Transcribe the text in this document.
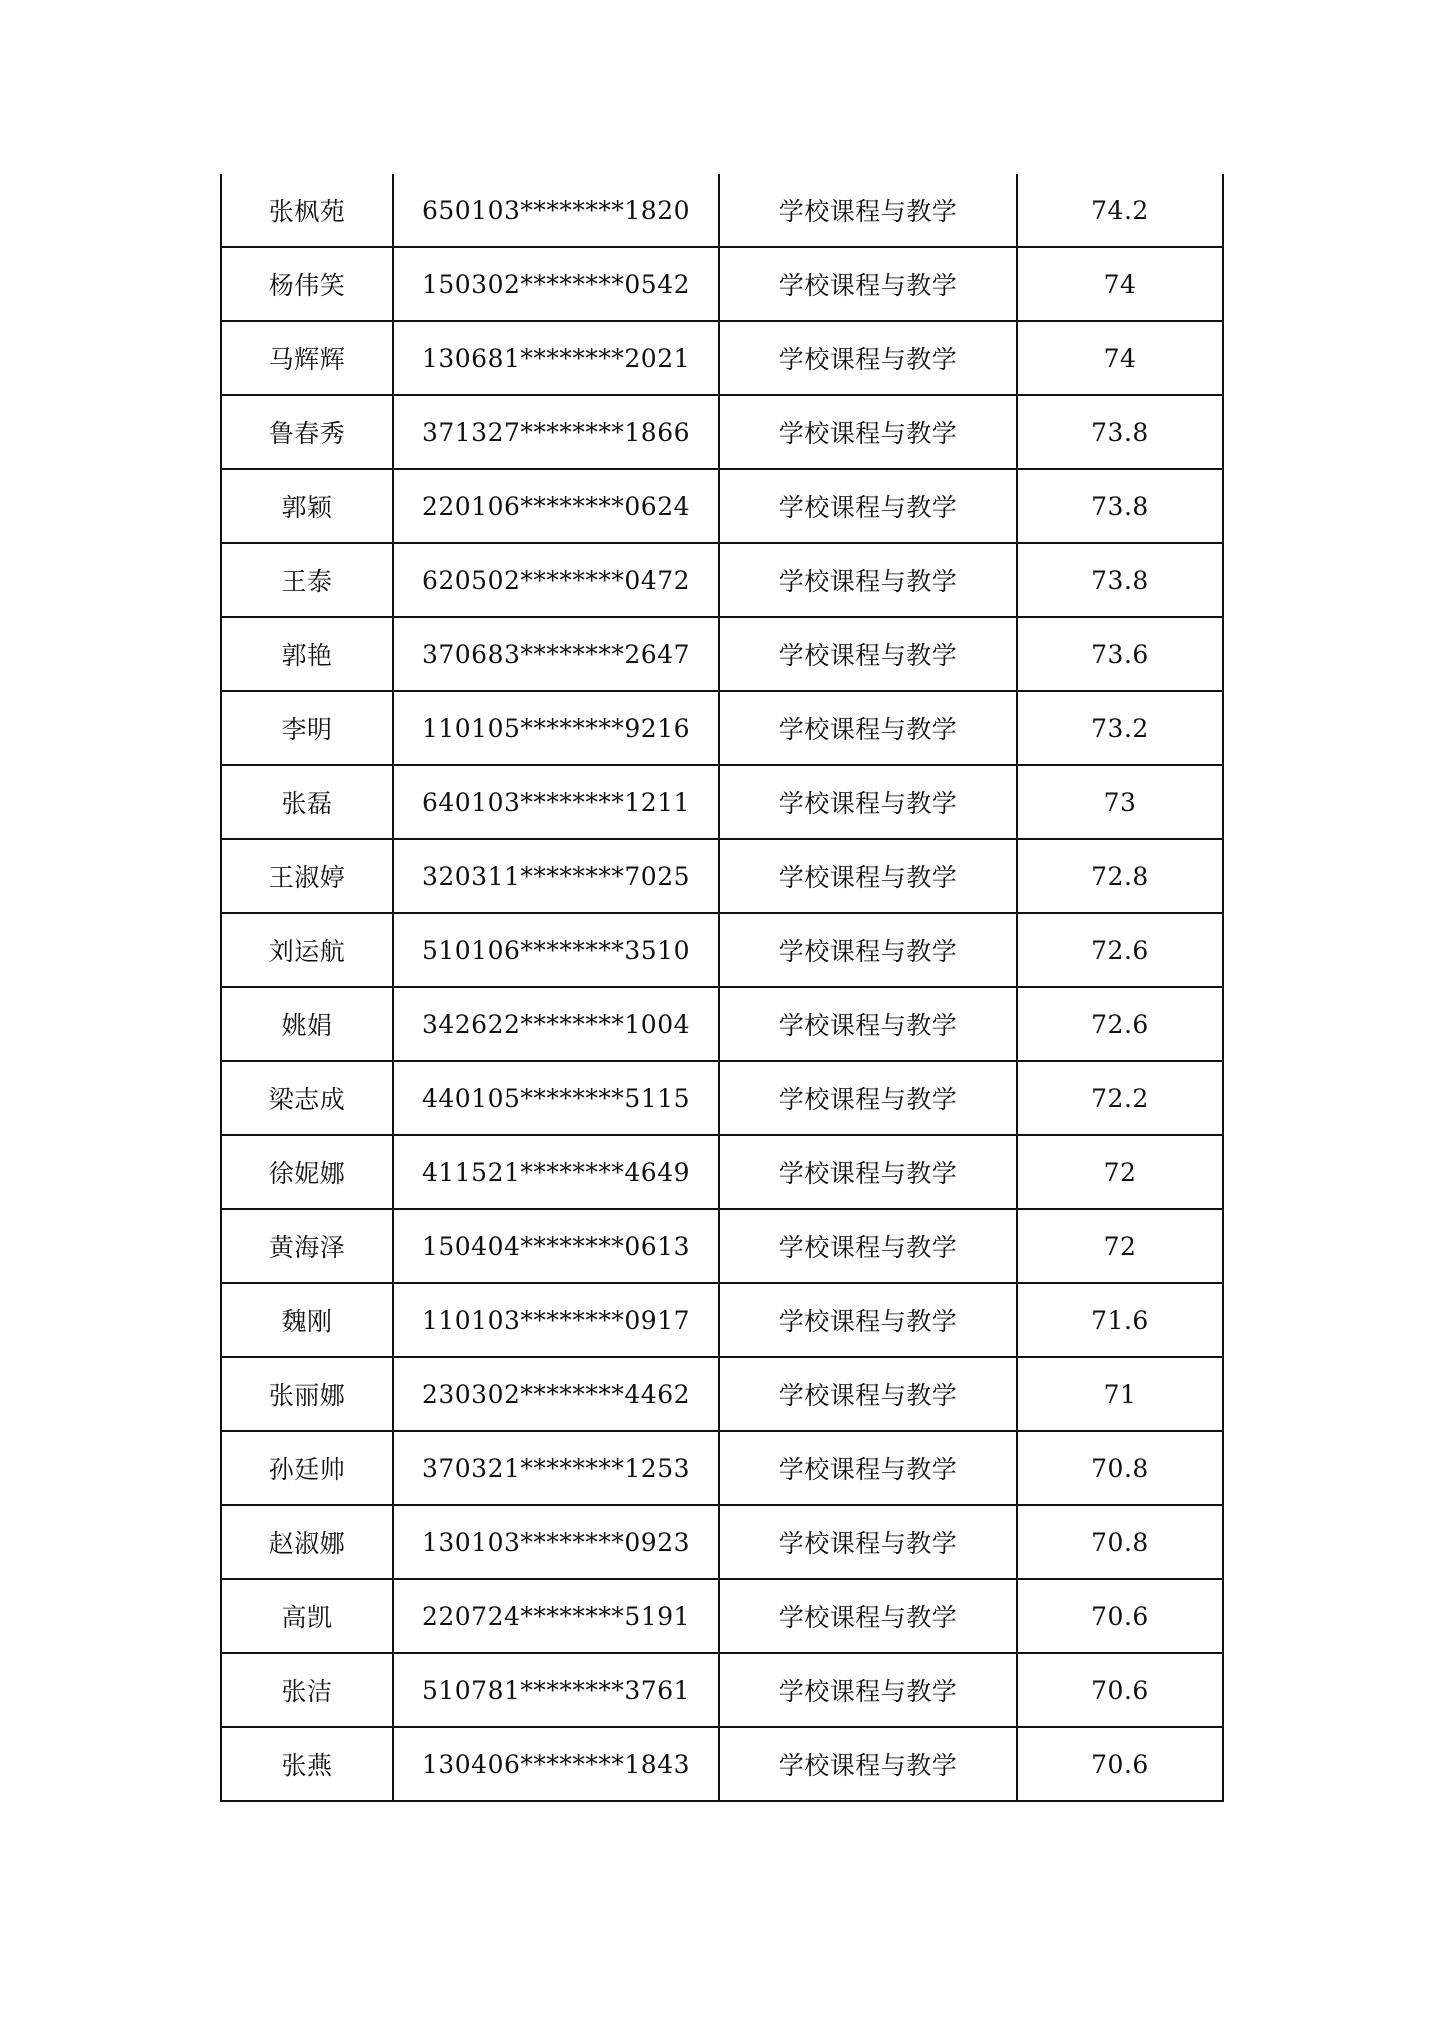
张枫苑	650103********1820	学校课程与教学	74.2
杨伟笑	150302********0542	学校课程与教学	74
马辉辉	130681********2021	学校课程与教学	74
鲁春秀	371327********1866	学校课程与教学	73.8
郭颖	220106********0624	学校课程与教学	73.8
王泰	620502********0472	学校课程与教学	73.8
郭艳	370683********2647	学校课程与教学	73.6
李明	110105********9216	学校课程与教学	73.2
张磊	640103********1211	学校课程与教学	73
王淑婷	320311********7025	学校课程与教学	72.8
刘运航	510106********3510	学校课程与教学	72.6
姚娟	342622********1004	学校课程与教学	72.6
梁志成	440105********5115	学校课程与教学	72.2
徐妮娜	411521********4649	学校课程与教学	72
黄海泽	150404********0613	学校课程与教学	72
魏刚	110103********0917	学校课程与教学	71.6
张丽娜	230302********4462	学校课程与教学	71
孙廷帅	370321********1253	学校课程与教学	70.8
赵淑娜	130103********0923	学校课程与教学	70.8
高凯	220724********5191	学校课程与教学	70.6
张洁	510781********3761	学校课程与教学	70.6
张燕	130406********1843	学校课程与教学	70.6
